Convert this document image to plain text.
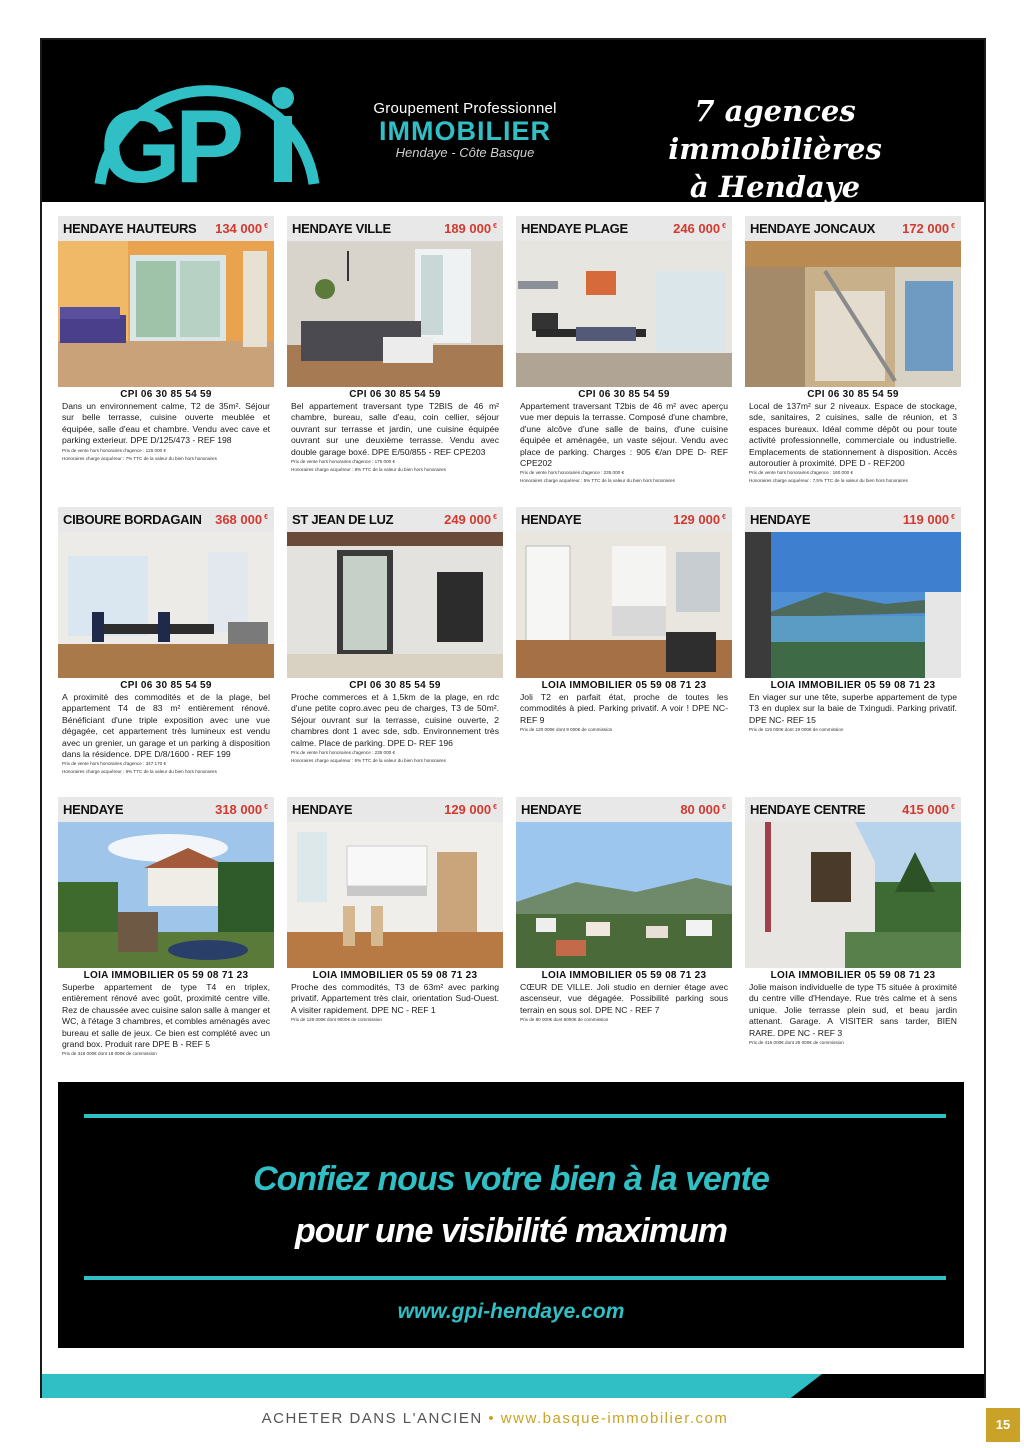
GP	Groupement Professionnel
IMMOBILIER
Hendaye - Côte Basque
7 agences immobilières
à Hendaye
HENDAYE HAUTEURS 134 000 €
CPI 06 30 85 54 59
Dans un environnement calme, T2 de 35m². Séjour sur belle terrasse, cuisine ouverte meublée et équipée, salle d'eau et chambre. Vendu avec cave et parking exterieur. DPE D/125/473 - REF 198
Prix de vente hors honoraires d'agence : 125 000 €
Honoraires charge acquéreur : 7% TTC de la valeur du bien hors honoraires
HENDAYE VILLE	189 000 €
CPI 06 30 85 54 59
Bel appartement traversant type T2BIS de 46 m² chambre, bureau, salle d'eau, coin cellier, séjour ouvrant sur terrasse et jardin, une cuisine équipée ouvrant sur une deuxième terrasse. Vendu avec double garage boxé. DPE E/50/855 - REF CPE203
Prix de vente hors honoraires d'agence : 175 000 €
Honoraires charge acquéreur : 8% TTC de la valeur du bien hors honoraires
HENDAYE PLAGE	246 000 €
CPI 06 30 85 54 59
Appartement traversant T2bis de 46 m² avec aperçu vue mer depuis la terrasse. Composé d'une chambre, d'une alcôve d'une salle de bains, d'une cuisine équipée et aménagée, un vaste séjour. Vendu avec place de parking. Charges : 905 €/an DPE D- REF CPE202
Prix de vente hors honoraires d'agence : 235 000 €
Honoraires charge acquéreur : 5% TTC de la valeur du bien hors honoraires
HENDAYE JONCAUX 172 000 €
CPI 06 30 85 54 59
Local de 137m² sur 2 niveaux. Espace de stockage, sde, sanitaires, 2 cuisines, salle de réunion, et 3 espaces bureaux. Idéal comme dépôt ou pour toute activité professionnelle, commerciale ou industrielle. Emplacements de stationnement à disposition. Accès autoroutier à proximité. DPE D - REF200
Prix de vente hors honoraires d'agence : 160 000 €
Honoraires charge acquéreur : 7,5% TTC de la valeur du bien hors honoraires
CIBOURE BORDAGAIN 368 000 €
CPI 06 30 85 54 59
A proximité des commodités et de la plage, bel appartement T4 de 83 m² entièrement rénové. Bénéficiant d'une triple exposition avec une vue dégagée, cet appartement très lumineux est vendu avec un grenier, un garage et un parking à disposition dans la résidence. DPE D/8/1600 - REF 199
Prix de vente hors honoraires d'agence : 347 170 €
Honoraires charge acquéreur : 6% TTC de la valeur du bien hors honoraires
ST JEAN DE LUZ	249 000 €
CPI 06 30 85 54 59
Proche commerces et à 1,5km de la plage, en rdc d'une petite copro.avec peu de charges, T3 de 50m². Séjour ouvrant sur la terrasse, cuisine ouverte, 2 chambres dont 1 avec sde, sdb. Environnement très calme. Place de parking. DPE D- REF 196
Prix de vente hors honoraires d'agence : 235 000 €
Honoraires charge acquéreur : 6% TTC de la valeur du bien hors honoraires
HENDAYE	129 000 €
LOIA IMMOBILIER 05 59 08 71 23
Joli T2 en parfait état, proche de toutes les commodités à pied. Parking privatif. A voir ! DPE NC- REF 9
Prix de 120 000€ dont 9 000€ de commission
HENDAYE	119 000 €
LOIA IMMOBILIER 05 59 08 71 23
En viager sur une tête, superbe appartement de type T3 en duplex sur la baie de Txingudi. Parking privatif. DPE NC- REF 15
Prix de 119 000€ dont 19 000€ de commission
HENDAYE	318 000 €
LOIA IMMOBILIER 05 59 08 71 23
Superbe appartement de type T4 en triplex, entièrement rénové avec goût, proximité centre ville. Rez de chaussée avec cuisine salon salle à manger et WC, à l'étage 3 chambres, et combles aménagés avec bureau et salle de jeux. Ce bien est complété avec un grand box. Produit rare DPE B - REF 5
Prix de 318 000€ dont 18 000€ de commission
HENDAYE	129 000 €
LOIA IMMOBILIER 05 59 08 71 23
Proche des commodités, T3 de 63m² avec parking privatif. Appartement très clair, orientation Sud-Ouest. A visiter rapidement. DPE NC - REF 1
Prix de 129 000€ dont 9000€ de commission
HENDAYE	80 000 €
LOIA IMMOBILIER 05 59 08 71 23
CŒUR DE VILLE. Joli studio en dernier étage avec ascenseur, vue dégagée. Possibilité parking sous terrain en sous sol. DPE NC - REF 7
Prix de 80 000€ dont 8000€ de commission
HENDAYE CENTRE	415 000 €
LOIA IMMOBILIER 05 59 08 71 23
Jolie maison individuelle de type T5 située à proximité du centre ville d'Hendaye. Rue très calme et à sens unique. Jolie terrasse plein sud, et beau jardin attenant. Garage. A VISITER sans tarder, BIEN RARE. DPE NC - REF 3
Prix de 415 000€ dont 25 000€ de commission
Confiez nous votre bien à la vente
pour une visibilité maximum
www.gpi-hendaye.com
ACHETER DANS L'ANCIEN • www.basque-immobilier.com	15
